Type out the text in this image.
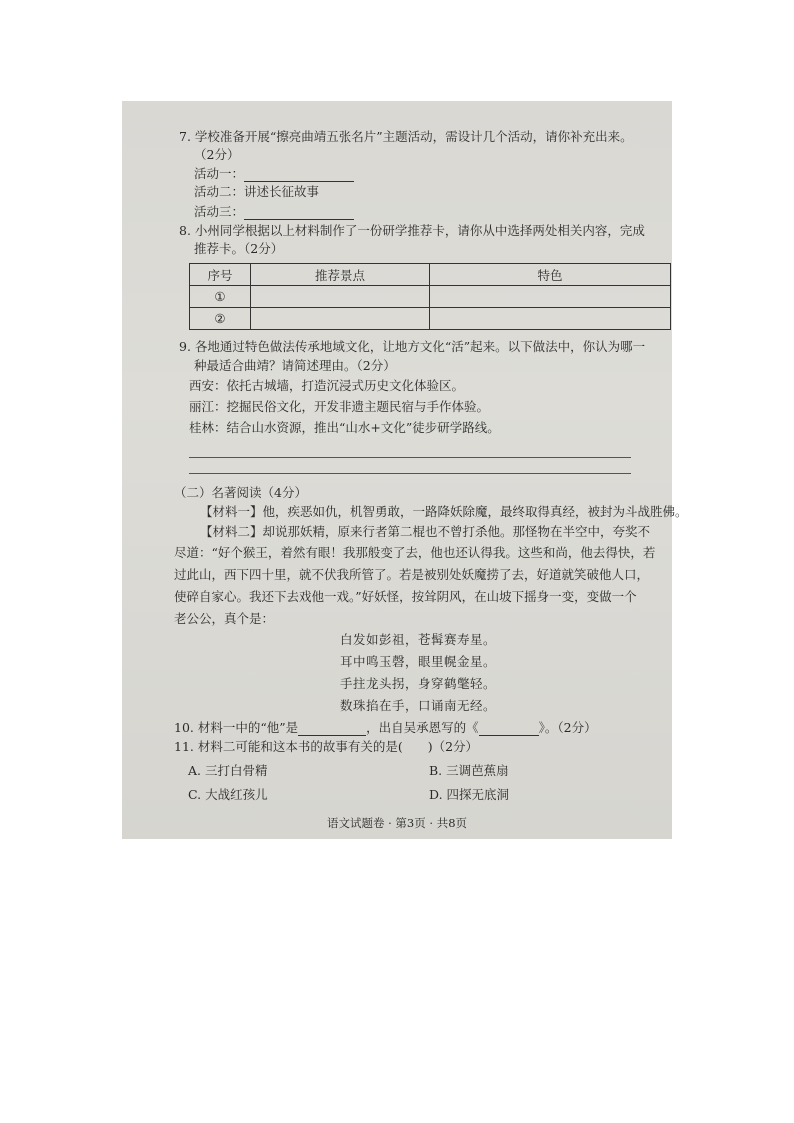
7. 学校准备开展“擦亮曲靖五张名片”主题活动，需设计几个活动，请你补充出来。
（2分）
活动一：
活动二：讲述长征故事
活动三：
8. 小州同学根据以上材料制作了一份研学推荐卡，请你从中选择两处相关内容，完成
推荐卡。（2分）
序号	推荐景点	特色
①		
②		
9. 各地通过特色做法传承地域文化，让地方文化“活”起来。以下做法中，你认为哪一
种最适合曲靖？请简述理由。（2分）
西安：依托古城墙，打造沉浸式历史文化体验区。
丽江：挖掘民俗文化，开发非遗主题民宿与手作体验。
桂林：结合山水资源，推出“山水+文化”徒步研学路线。
（二）名著阅读（4分）
【材料一】他，疾恶如仇，机智勇敢，一路降妖除魔，最终取得真经，被封为斗战胜佛。
【材料二】却说那妖精，原来行者第二棍也不曾打杀他。那怪物在半空中，夸奖不
尽道：“好个猴王，着然有眼！我那般变了去，他也还认得我。这些和尚，他去得快，若
过此山，西下四十里，就不伏我所管了。若是被别处妖魔捞了去，好道就笑破他人口，
使碎自家心。我还下去戏他一戏。”好妖怪，按耸阴风，在山坡下摇身一变，变做一个
老公公，真个是：
白发如彭祖，苍髯赛寿星。
耳中鸣玉磬，眼里幌金星。
手拄龙头拐，身穿鹤氅轻。
数珠掐在手，口诵南无经。
10. 材料一中的“他”是	，出自吴承恩写的《	》。（2分）
11. 材料二可能和这本书的故事有关的是(　　)（2分）
A. 三打白骨精	B. 三调芭蕉扇
C. 大战红孩儿	D. 四探无底洞
语文试题卷 · 第3页 · 共8页
